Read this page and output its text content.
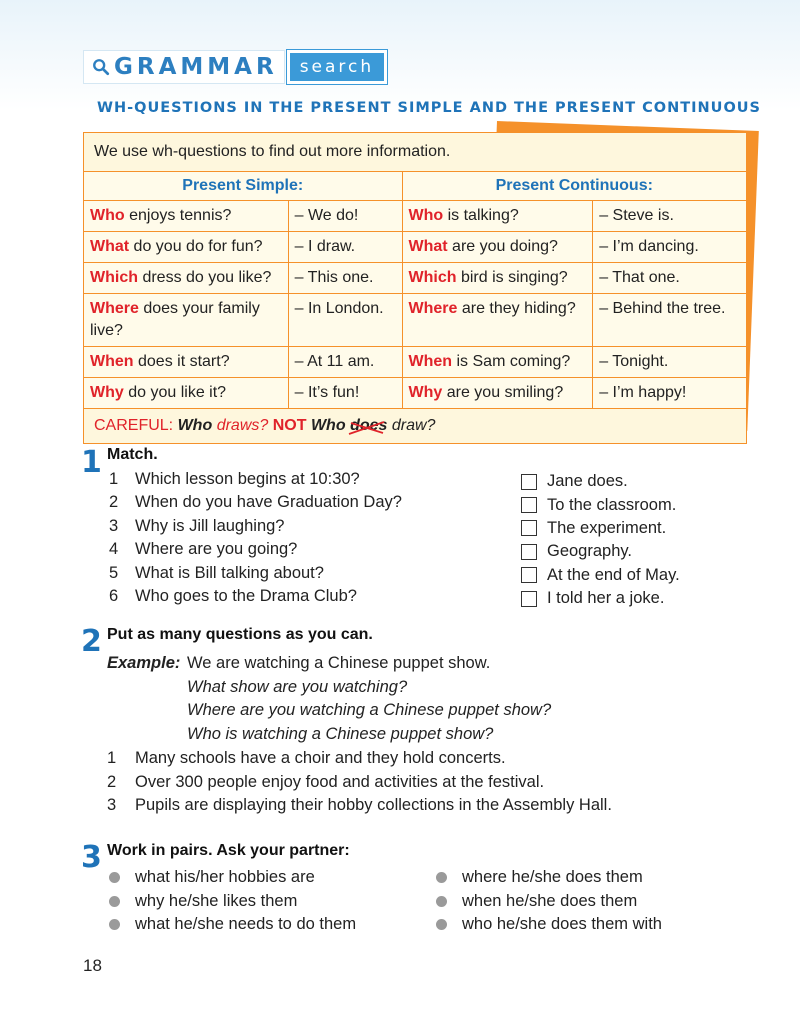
GRAMMAR	search
WH-QUESTIONS IN THE PRESENT SIMPLE AND THE PRESENT CONTINUOUS
We use wh-questions to find out more information.			
Present Simple:		Present Continuous:	
Who enjoys tennis?	– We do!	Who is talking?	– Steve is.
What do you do for fun?	– I draw.	What are you doing?	– I’m dancing.
Which dress do you like?	– This one.	Which bird is singing?	– That one.
Where does your family live?	– In London.	Where are they hiding?	– Behind the tree.
When does it start?	– At 11 am.	When is Sam coming?	– Tonight.
Why do you like it?	– It’s fun!	Why are you smiling?	– I’m happy!
CAREFUL: Who draws? NOT Who does draw?			
1 Match.
1	Which lesson begins at 10:30?
2	When do you have Graduation Day?
3	Why is Jill laughing?
4	Where are you going?
5	What is Bill talking about?
6	Who goes to the Drama Club?
Jane does.
To the classroom.
The experiment.
Geography.
At the end of May.
I told her a joke.
2 Put as many questions as you can.
Example: We are watching a Chinese puppet show.
What show are you watching?
Where are you watching a Chinese puppet show?
Who is watching a Chinese puppet show?
1	Many schools have a choir and they hold concerts.
2	Over 300 people enjoy food and activities at the festival.
3	Pupils are displaying their hobby collections in the Assembly Hall.
3 Work in pairs. Ask your partner:
what his/her hobbies are
why he/she likes them
what he/she needs to do them
where he/she does them
when he/she does them
who he/she does them with
18
